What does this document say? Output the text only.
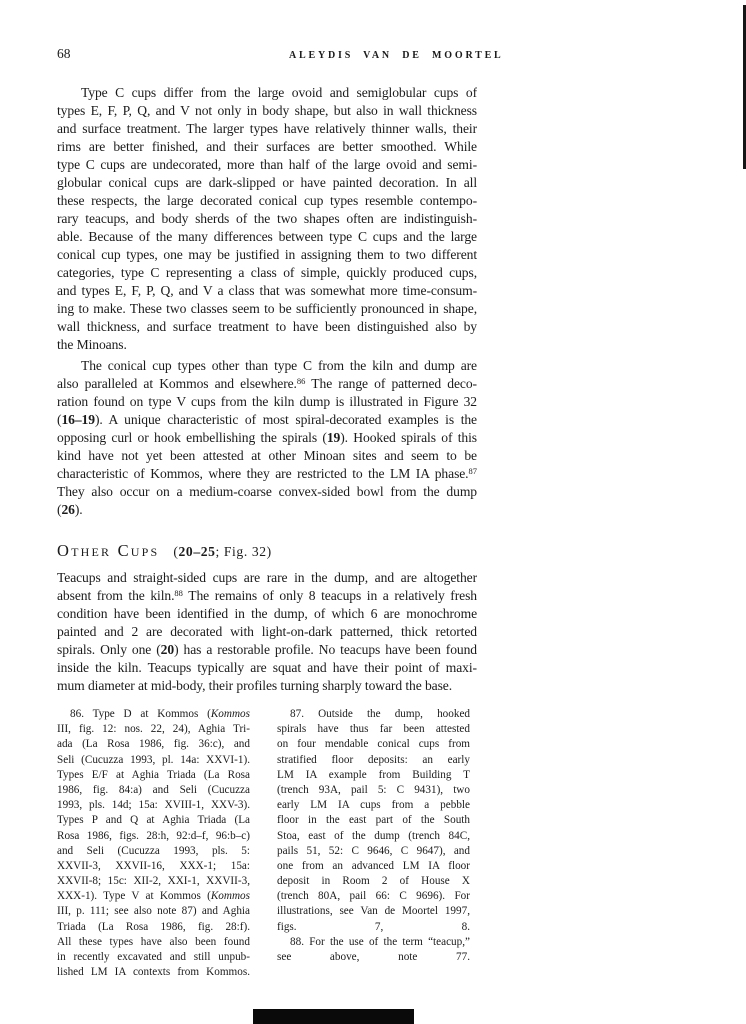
68	ALEYDIS VAN DE MOORTEL
Type C cups differ from the large ovoid and semiglobular cups of
types E, F, P, Q, and V not only in body shape, but also in wall thickness
and surface treatment. The larger types have relatively thinner walls, their
rims are better finished, and their surfaces are better smoothed. While
type C cups are undecorated, more than half of the large ovoid and semi-
globular conical cups are dark-slipped or have painted decoration. In all
these respects, the large decorated conical cup types resemble contempo-
rary teacups, and body sherds of the two shapes often are indistinguish-
able. Because of the many differences between type C cups and the large
conical cup types, one may be justified in assigning them to two different
categories, type C representing a class of simple, quickly produced cups,
and types E, F, P, Q, and V a class that was somewhat more time-consum-
ing to make. These two classes seem to be sufficiently pronounced in shape,
wall thickness, and surface treatment to have been distinguished also by
the Minoans.
The conical cup types other than type C from the kiln and dump are
also paralleled at Kommos and elsewhere.$^{86}$ The range of patterned deco-
ration found on type V cups from the kiln dump is illustrated in Figure 32
(16–19). A unique characteristic of most spiral-decorated examples is the
opposing curl or hook embellishing the spirals (19). Hooked spirals of this
kind have not yet been attested at other Minoan sites and seem to be
characteristic of Kommos, where they are restricted to the LM IA phase.$^{87}$
They also occur on a medium-coarse convex-sided bowl from the dump
(26).
Other Cups (20–25; Fig. 32)
Teacups and straight-sided cups are rare in the dump, and are altogether
absent from the kiln.$^{88}$ The remains of only 8 teacups in a relatively fresh
condition have been identified in the dump, of which 6 are monochrome
painted and 2 are decorated with light-on-dark patterned, thick retorted
spirals. Only one (20) has a restorable profile. No teacups have been found
inside the kiln. Teacups typically are squat and have their point of maxi-
mum diameter at mid-body, their profiles turning sharply toward the base.
86. Type D at Kommos (Kommos
III, fig. 12: nos. 22, 24), Aghia Tri-
ada (La Rosa 1986, fig. 36:c), and
Seli (Cucuzza 1993, pl. 14a: XXVI-1).
Types E/F at Aghia Triada (La Rosa
1986, fig. 84:a) and Seli (Cucuzza
1993, pls. 14d; 15a: XVIII-1, XXV-3).
Types P and Q at Aghia Triada (La
Rosa 1986, figs. 28:h, 92:d–f, 96:b–c)
and Seli (Cucuzza 1993, pls. 5:
XXVII-3, XXVII-16, XXX-1; 15a:
XXVII-8; 15c: XII-2, XXI-1, XXVII-3,
XXX-1). Type V at Kommos (Kommos
III, p. 111; see also note 87) and Aghia
Triada (La Rosa 1986, fig. 28:f).
All these types have also been found
in recently excavated and still unpub-
lished LM IA contexts from Kommos.
87. Outside the dump, hooked
spirals have thus far been attested
on four mendable conical cups from
stratified floor deposits: an early
LM IA example from Building T
(trench 93A, pail 5: C 9431), two
early LM IA cups from a pebble
floor in the east part of the South
Stoa, east of the dump (trench 84C,
pails 51, 52: C 9646, C 9647), and
one from an advanced LM IA floor
deposit in Room 2 of House X
(trench 80A, pail 66: C 9696). For
illustrations, see Van de Moortel 1997,
figs. 7, 8.
88. For the use of the term “teacup,”
see above, note 77.
